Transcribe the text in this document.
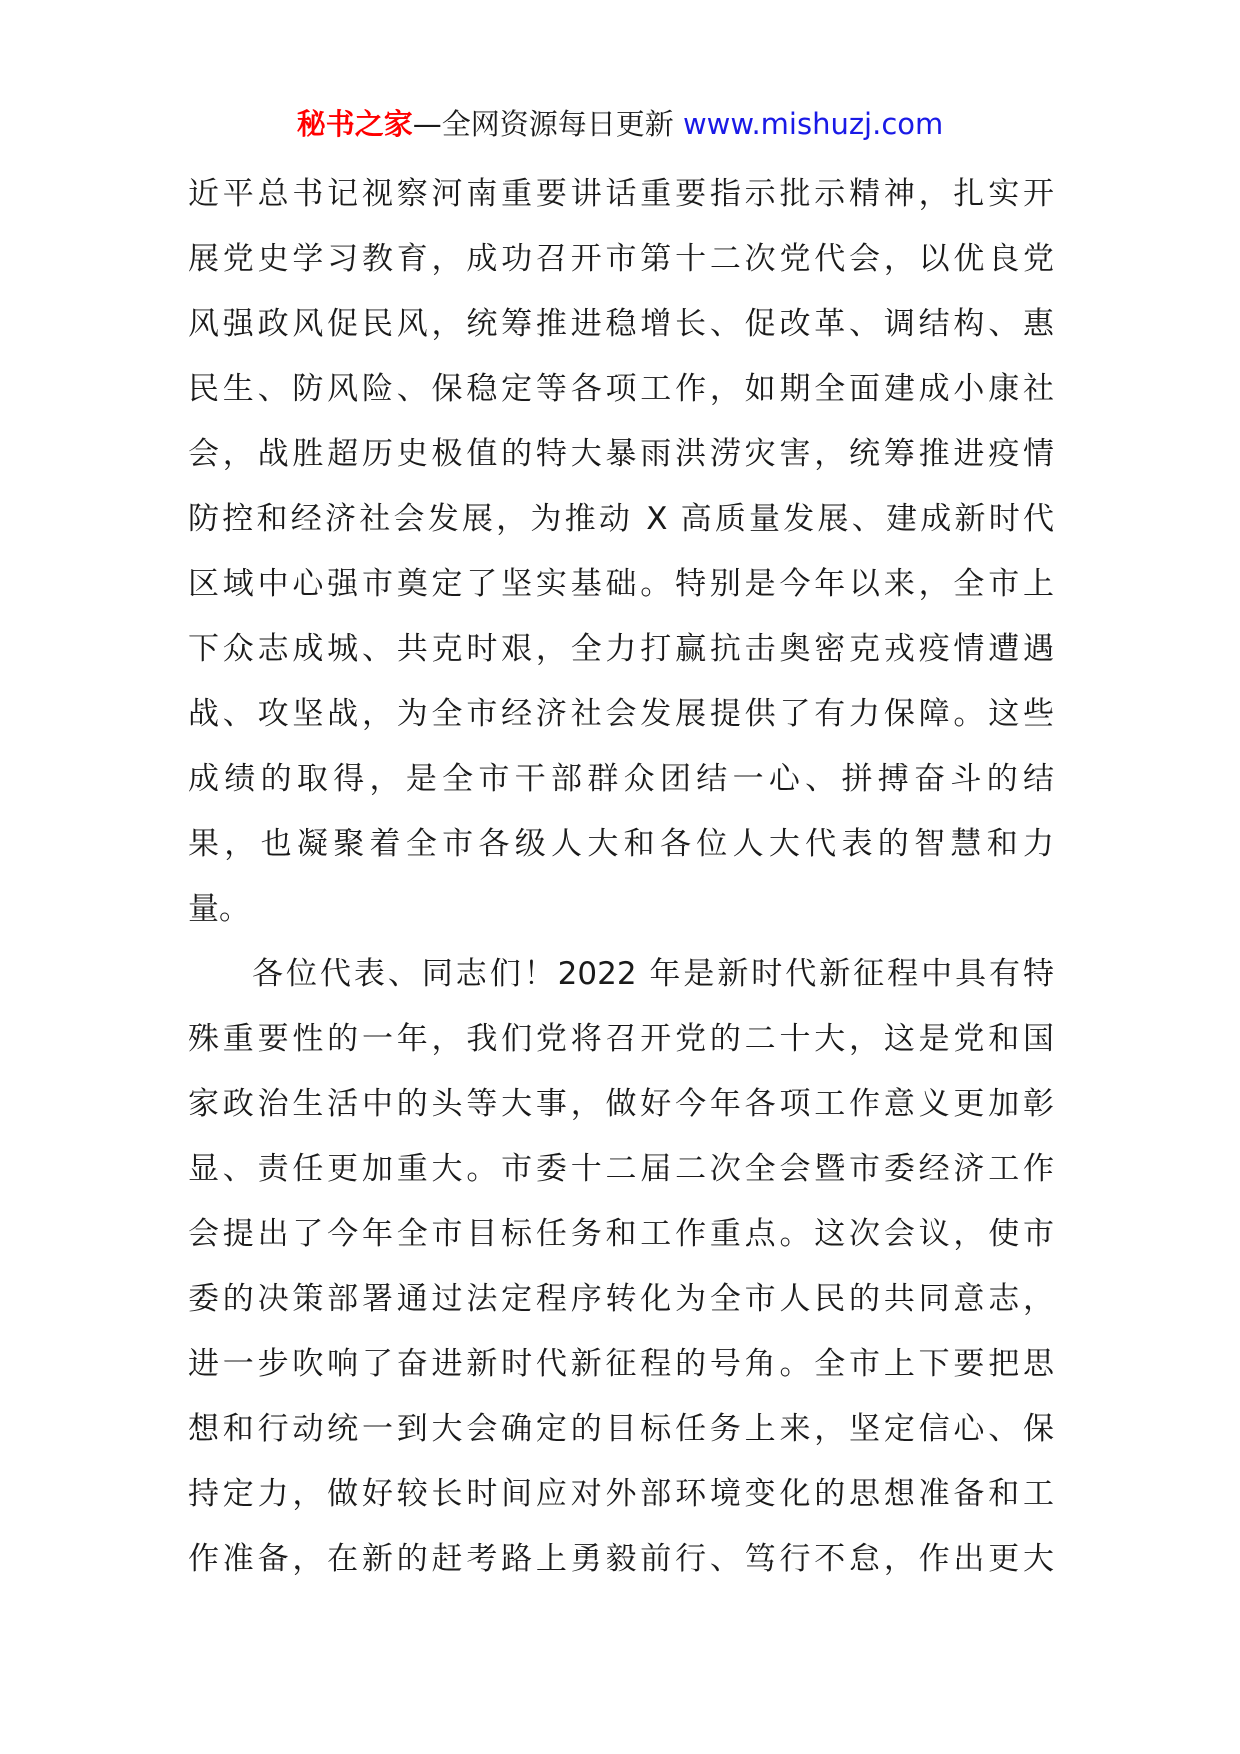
秘书之家—全网资源每日更新 www.mishuzj.com
近平总书记视察河南重要讲话重要指示批示精神，扎实开
展党史学习教育，成功召开市第十二次党代会，以优良党
风强政风促民风，统筹推进稳增长、促改革、调结构、惠
民生、防风险、保稳定等各项工作，如期全面建成小康社
会，战胜超历史极值的特大暴雨洪涝灾害，统筹推进疫情
防控和经济社会发展，为推动 X 高质量发展、建成新时代
区域中心强市奠定了坚实基础。特别是今年以来，全市上
下众志成城、共克时艰，全力打赢抗击奥密克戎疫情遭遇
战、攻坚战，为全市经济社会发展提供了有力保障。这些
成绩的取得，是全市干部群众团结一心、拼搏奋斗的结
果，也凝聚着全市各级人大和各位人大代表的智慧和力
量。
各位代表、同志们！2022 年是新时代新征程中具有特
殊重要性的一年，我们党将召开党的二十大，这是党和国
家政治生活中的头等大事，做好今年各项工作意义更加彰
显、责任更加重大。市委十二届二次全会暨市委经济工作
会提出了今年全市目标任务和工作重点。这次会议，使市
委的决策部署通过法定程序转化为全市人民的共同意志，
进一步吹响了奋进新时代新征程的号角。全市上下要把思
想和行动统一到大会确定的目标任务上来，坚定信心、保
持定力，做好较长时间应对外部环境变化的思想准备和工
作准备，在新的赶考路上勇毅前行、笃行不怠，作出更大
